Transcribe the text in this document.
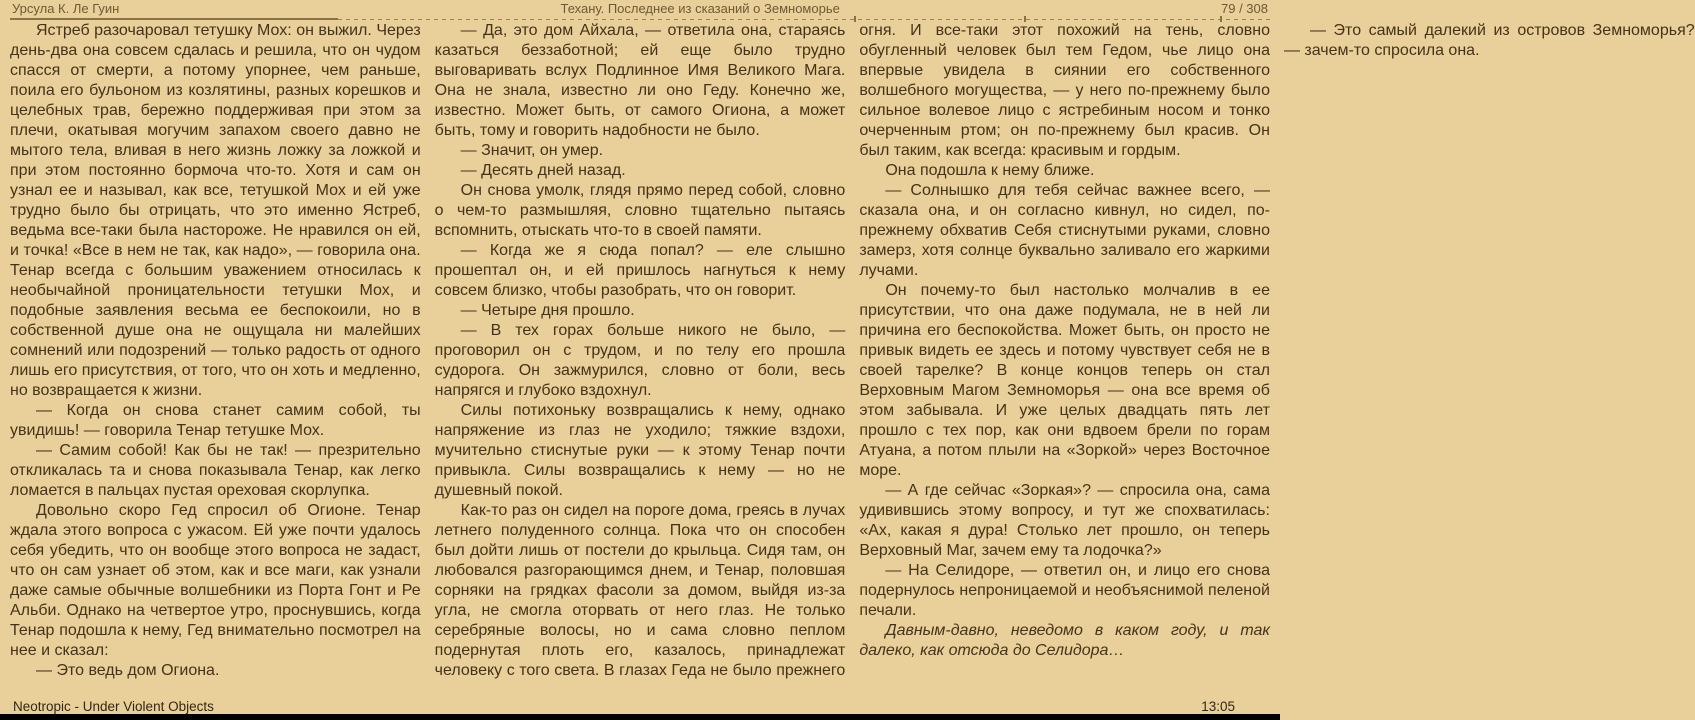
Урсула К. Ле Гуин	Техану. Последнее из сказаний о Земноморье	79 / 308

Ястреб разочаровал тетушку Мох: он выжил. Через день-два она совсем сдалась и решила, что он чудом спасся от смерти, а потому упорнее, чем раньше, поила его бульоном из козлятины, разных корешков и целебных трав, бережно поддерживая при этом за плечи, окатывая могучим запахом своего давно не мытого тела, вливая в него жизнь ложку за ложкой и при этом постоянно бормоча что-то. Хотя и сам он узнал ее и называл, как все, тетушкой Мох и ей уже трудно было бы отрицать, что это именно Ястреб, ведьма все-таки была настороже. Не нравился он ей, и точка! «Все в нем не так, как надо», — говорила она. Тенар всегда с большим уважением относилась к необычайной проницательности тетушки Мох, и подобные заявления весьма ее беспокоили, но в собственной душе она не ощущала ни малейших сомнений или подозрений — только радость от одного лишь его присутствия, от того, что он хоть и медленно, но возвращается к жизни.

— Когда он снова станет самим собой, ты увидишь! — говорила Тенар тетушке Мох.

— Самим собой! Как бы не так! — презрительно откликалась та и снова показывала Тенар, как легко ломается в пальцах пустая ореховая скорлупка.

Довольно скоро Гед спросил об Огионе. Тенар ждала этого вопроса с ужасом. Ей уже почти удалось себя убедить, что он вообще этого вопроса не задаст, что он сам узнает об этом, как и все маги, как узнали даже самые обычные волшебники из Порта Гонт и Ре Альби. Однако на четвертое утро, проснувшись, когда Тенар подошла к нему, Гед внимательно посмотрел на нее и сказал:

— Это ведь дом Огиона.

— Да, это дом Айхала, — ответила она, стараясь казаться беззаботной; ей еще было трудно выговаривать вслух Подлинное Имя Великого Мага. Она не знала, известно ли оно Геду. Конечно же, известно. Может быть, от самого Огиона, а может быть, тому и говорить надобности не было.

— Значит, он умер.

— Десять дней назад.

Он снова умолк, глядя прямо перед собой, словно о чем-то размышляя, словно тщательно пытаясь вспомнить, отыскать что-то в своей памяти.

— Когда же я сюда попал? — еле слышно прошептал он, и ей пришлось нагнуться к нему совсем близко, чтобы разобрать, что он говорит.

— Четыре дня прошло.

— В тех горах больше никого не было, — проговорил он с трудом, и по телу его прошла судорога. Он зажмурился, словно от боли, весь напрягся и глубоко вздохнул.

Силы потихоньку возвращались к нему, однако напряжение из глаз не уходило; тяжкие вздохи, мучительно стиснутые руки — к этому Тенар почти привыкла. Силы возвращались к нему — но не душевный покой.

Как-то раз он сидел на пороге дома, греясь в лучах летнего полуденного солнца. Пока что он способен был дойти лишь от постели до крыльца. Сидя там, он любовался разгорающимся днем, и Тенар, половшая сорняки на грядках фасоли за домом, выйдя из-за угла, не смогла оторвать от него глаз. Не только серебряные волосы, но и сама словно пеплом подернутая плоть его, казалось, принадлежат человеку с того света. В глазах Геда не было прежнего огня. И все-таки этот похожий на тень, словно обугленный человек был тем Гедом, чье лицо она впервые увидела в сиянии его собственного волшебного могущества, — у него по-прежнему было сильное волевое лицо с ястребиным носом и тонко очерченным ртом; он по-прежнему был красив. Он был таким, как всегда: красивым и гордым.

Она подошла к нему ближе.

— Солнышко для тебя сейчас важнее всего, — сказала она, и он согласно кивнул, но сидел, по-прежнему обхватив Себя стиснутыми руками, словно замерз, хотя солнце буквально заливало его жаркими лучами.

Он почему-то был настолько молчалив в ее присутствии, что она даже подумала, не в ней ли причина его беспокойства. Может быть, он просто не привык видеть ее здесь и потому чувствует себя не в своей тарелке? В конце концов теперь он стал Верховным Магом Земноморья — она все время об этом забывала. И уже целых двадцать пять лет прошло с тех пор, как они вдвоем брели по горам Атуана, а потом плыли на «Зоркой» через Восточное море.

— А где сейчас «Зоркая»? — спросила она, сама удивившись этому вопросу, и тут же спохватилась: «Ах, какая я дура! Столько лет прошло, он теперь Верховный Маг, зачем ему та лодочка?»

— На Селидоре, — ответил он, и лицо его снова подернулось непроницаемой и необъяснимой пеленой печали.

Давным-давно, неведомо в каком году, и так далеко, как отсюда до Селидора…

— Это самый далекий из островов Земноморья? — зачем-то спросила она.

Neotropic - Under Violent Objects	13:05
